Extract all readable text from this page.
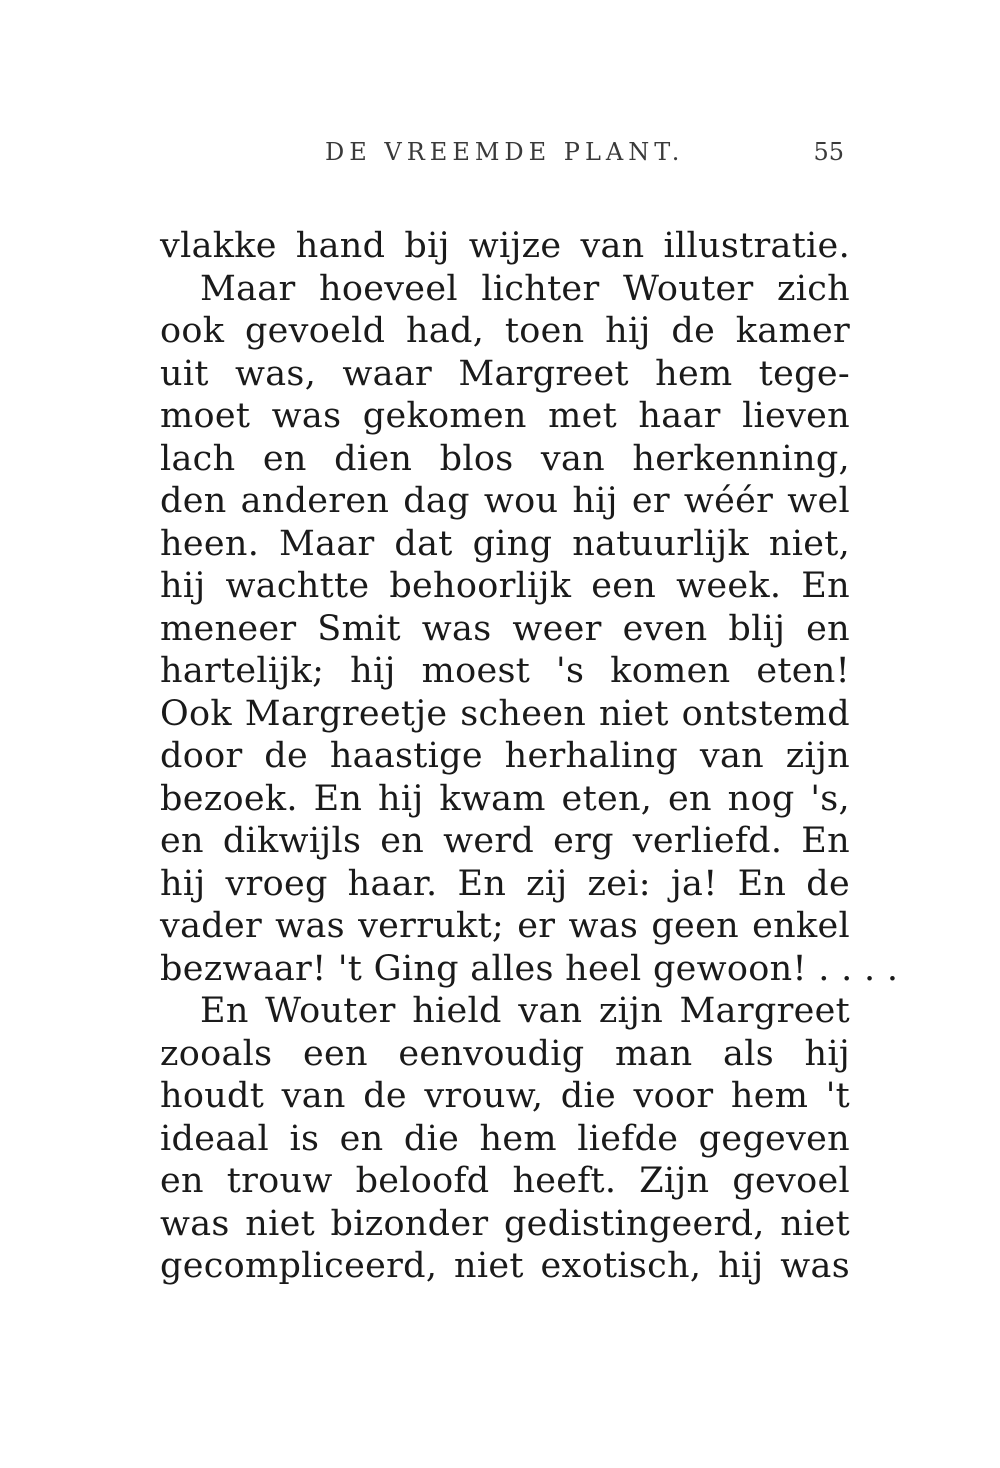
DE VREEMDE PLANT.	55
vlakke hand bij wijze van illustratie.
Maar hoeveel lichter Wouter zich
ook gevoeld had, toen hij de kamer
uit was, waar Margreet hem tege-
moet was gekomen met haar lieven
lach en dien blos van herkenning,
den anderen dag wou hij er wéér wel
heen. Maar dat ging natuurlijk niet,
hij wachtte behoorlijk een week. En
meneer Smit was weer even blij en
hartelijk; hij moest 's komen eten!
Ook Margreetje scheen niet ontstemd
door de haastige herhaling van zijn
bezoek. En hij kwam eten, en nog 's,
en dikwijls en werd erg verliefd. En
hij vroeg haar. En zij zei: ja! En de
vader was verrukt; er was geen enkel
bezwaar! 't Ging alles heel gewoon! . . . .
En Wouter hield van zijn Margreet
zooals een eenvoudig man als hij
houdt van de vrouw, die voor hem 't
ideaal is en die hem liefde gegeven
en trouw beloofd heeft. Zijn gevoel
was niet bizonder gedistingeerd, niet
gecompliceerd, niet exotisch, hij was
